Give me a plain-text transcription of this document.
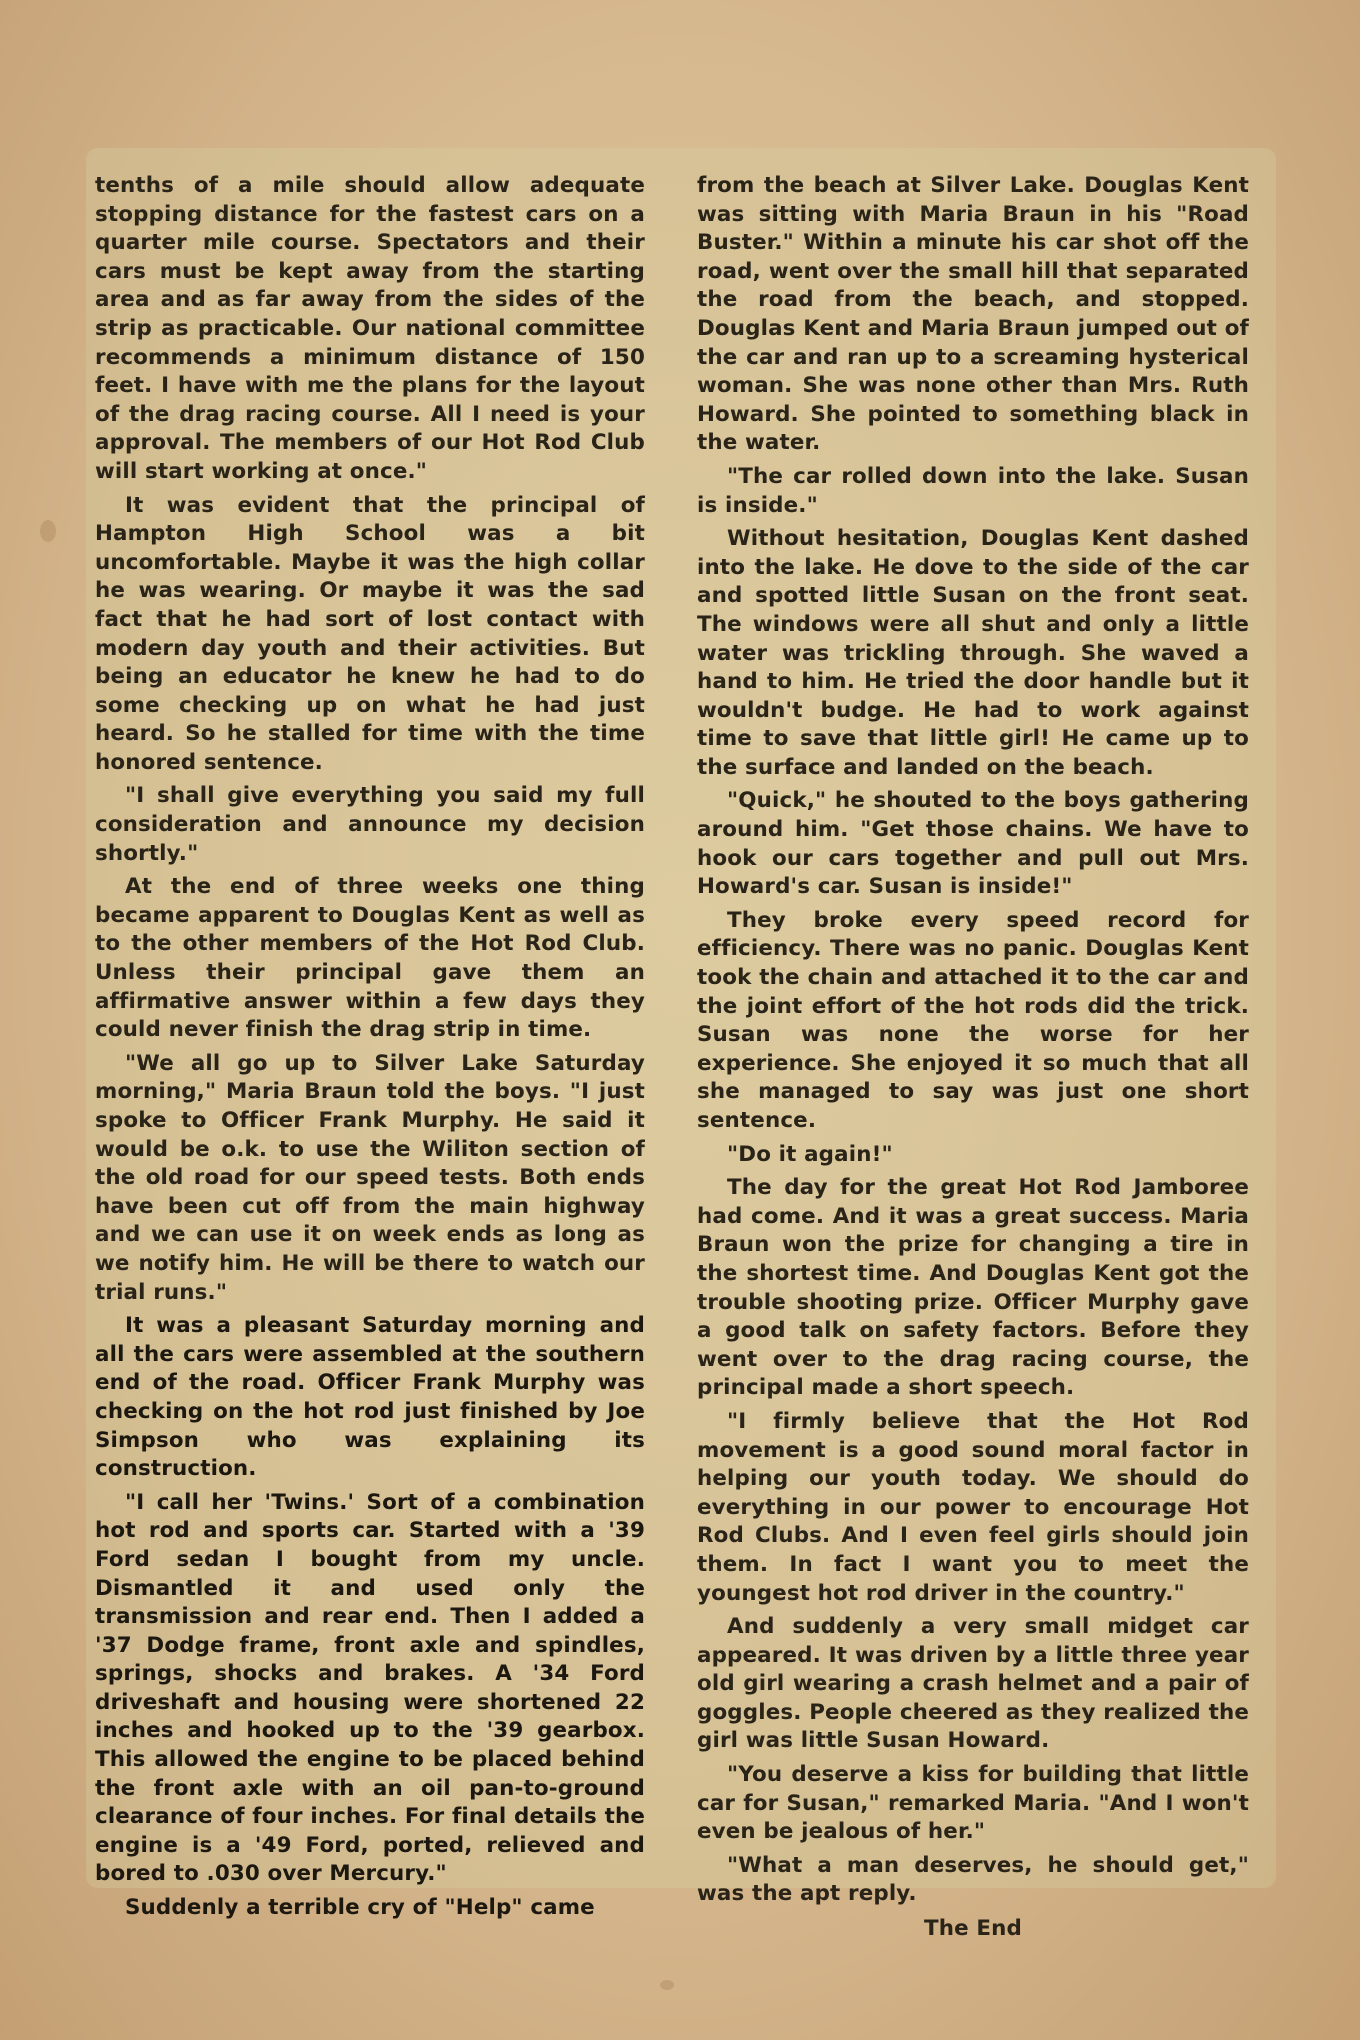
tenths of a mile should allow adequate stopping distance for the fastest cars on a quarter mile course. Spectators and their cars must be kept away from the starting area and as far away from the sides of the strip as practicable. Our national committee recommends a minimum distance of 150 feet. I have with me the plans for the layout of the drag racing course. All I need is your approval. The members of our Hot Rod Club will start working at once."

It was evident that the principal of Hampton High School was a bit uncomfortable. Maybe it was the high collar he was wearing. Or maybe it was the sad fact that he had sort of lost contact with modern day youth and their activities. But being an educator he knew he had to do some checking up on what he had just heard. So he stalled for time with the time honored sentence.

"I shall give everything you said my full consideration and announce my decision shortly."

At the end of three weeks one thing became apparent to Douglas Kent as well as to the other members of the Hot Rod Club. Unless their principal gave them an affirmative answer within a few days they could never finish the drag strip in time.

"We all go up to Silver Lake Saturday morning," Maria Braun told the boys. "I just spoke to Officer Frank Murphy. He said it would be o.k. to use the Wiliton section of the old road for our speed tests. Both ends have been cut off from the main highway and we can use it on week ends as long as we notify him. He will be there to watch our trial runs."

It was a pleasant Saturday morning and all the cars were assembled at the southern end of the road. Officer Frank Murphy was checking on the hot rod just finished by Joe Simpson who was explaining its construction.

"I call her 'Twins.' Sort of a combination hot rod and sports car. Started with a '39 Ford sedan I bought from my uncle. Dismantled it and used only the transmission and rear end. Then I added a '37 Dodge frame, front axle and spindles, springs, shocks and brakes. A '34 Ford driveshaft and housing were shortened 22 inches and hooked up to the '39 gearbox. This allowed the engine to be placed behind the front axle with an oil pan-to-ground clearance of four inches. For final details the engine is a '49 Ford, ported, relieved and bored to .030 over Mercury."

Suddenly a terrible cry of "Help" came

from the beach at Silver Lake. Douglas Kent was sitting with Maria Braun in his "Road Buster." Within a minute his car shot off the road, went over the small hill that separated the road from the beach, and stopped. Douglas Kent and Maria Braun jumped out of the car and ran up to a screaming hysterical woman. She was none other than Mrs. Ruth Howard. She pointed to something black in the water.

"The car rolled down into the lake. Susan is inside."

Without hesitation, Douglas Kent dashed into the lake. He dove to the side of the car and spotted little Susan on the front seat. The windows were all shut and only a little water was trickling through. She waved a hand to him. He tried the door handle but it wouldn't budge. He had to work against time to save that little girl! He came up to the surface and landed on the beach.

"Quick," he shouted to the boys gathering around him. "Get those chains. We have to hook our cars together and pull out Mrs. Howard's car. Susan is inside!"

They broke every speed record for efficiency. There was no panic. Douglas Kent took the chain and attached it to the car and the joint effort of the hot rods did the trick. Susan was none the worse for her experience. She enjoyed it so much that all she managed to say was just one short sentence.

"Do it again!"

The day for the great Hot Rod Jamboree had come. And it was a great success. Maria Braun won the prize for changing a tire in the shortest time. And Douglas Kent got the trouble shooting prize. Officer Murphy gave a good talk on safety factors. Before they went over to the drag racing course, the principal made a short speech.

"I firmly believe that the Hot Rod movement is a good sound moral factor in helping our youth today. We should do everything in our power to encourage Hot Rod Clubs. And I even feel girls should join them. In fact I want you to meet the youngest hot rod driver in the country."

And suddenly a very small midget car appeared. It was driven by a little three year old girl wearing a crash helmet and a pair of goggles. People cheered as they realized the girl was little Susan Howard.

"You deserve a kiss for building that little car for Susan," remarked Maria. "And I won't even be jealous of her."

"What a man deserves, he should get," was the apt reply.

The End
